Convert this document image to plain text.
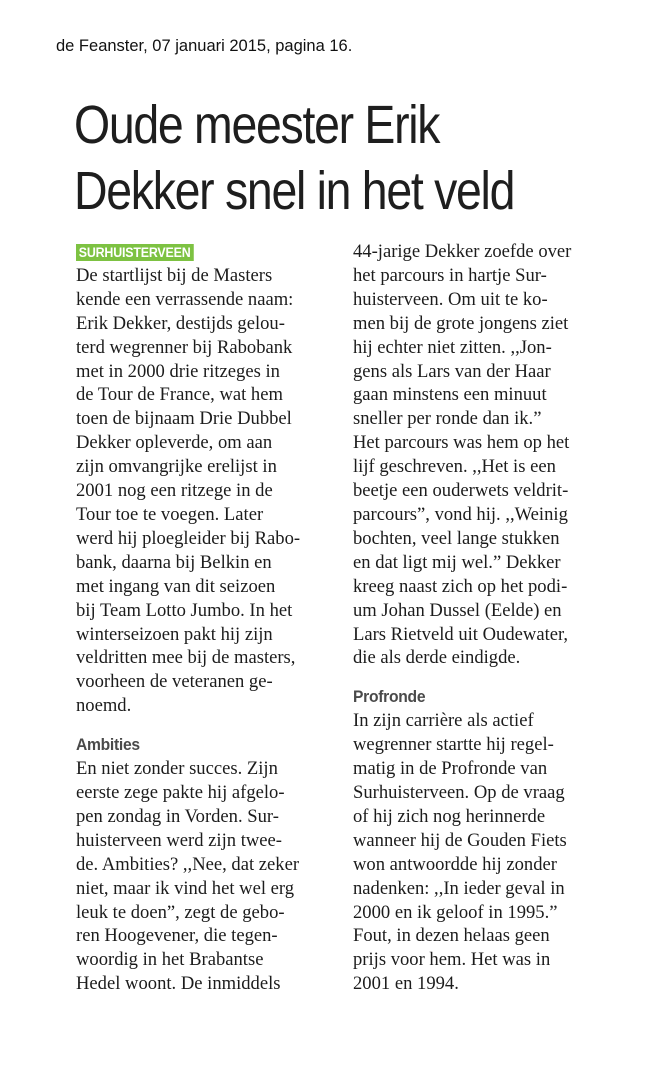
de Feanster, 07 januari 2015, pagina 16.
Oude meester Erik
Dekker snel in het veld
SURHUISTERVEEN

De startlijst bij de Masters
kende een verrassende naam:
Erik Dekker, destijds gelou-
terd wegrenner bij Rabobank
met in 2000 drie ritzeges in
de Tour de France, wat hem
toen de bijnaam Drie Dubbel
Dekker opleverde, om aan
zijn omvangrijke erelijst in
2001 nog een ritzege in de
Tour toe te voegen. Later
werd hij ploegleider bij Rabo-
bank, daarna bij Belkin en
met ingang van dit seizoen
bij Team Lotto Jumbo. In het
winterseizoen pakt hij zijn
veldritten mee bij de masters,
voorheen de veteranen ge-
noemd.

Ambities

En niet zonder succes. Zijn
eerste zege pakte hij afgelo-
pen zondag in Vorden. Sur-
huisterveen werd zijn twee-
de. Ambities? ,,Nee, dat zeker
niet, maar ik vind het wel erg
leuk te doen”, zegt de gebo-
ren Hoogevener, die tegen-
woordig in het Brabantse
Hedel woont. De inmiddels

44-jarige Dekker zoefde over
het parcours in hartje Sur-
huisterveen. Om uit te ko-
men bij de grote jongens ziet
hij echter niet zitten. ,,Jon-
gens als Lars van der Haar
gaan minstens een minuut
sneller per ronde dan ik.”
Het parcours was hem op het
lijf geschreven. ,,Het is een
beetje een ouderwets veldrit-
parcours”, vond hij. ,,Weinig
bochten, veel lange stukken
en dat ligt mij wel.” Dekker
kreeg naast zich op het podi-
um Johan Dussel (Eelde) en
Lars Rietveld uit Oudewater,
die als derde eindigde.

Profronde

In zijn carrière als actief
wegrenner startte hij regel-
matig in de Profronde van
Surhuisterveen. Op de vraag
of hij zich nog herinnerde
wanneer hij de Gouden Fiets
won antwoordde hij zonder
nadenken: ,,In ieder geval in
2000 en ik geloof in 1995.”
Fout, in dezen helaas geen
prijs voor hem. Het was in
2001 en 1994.
